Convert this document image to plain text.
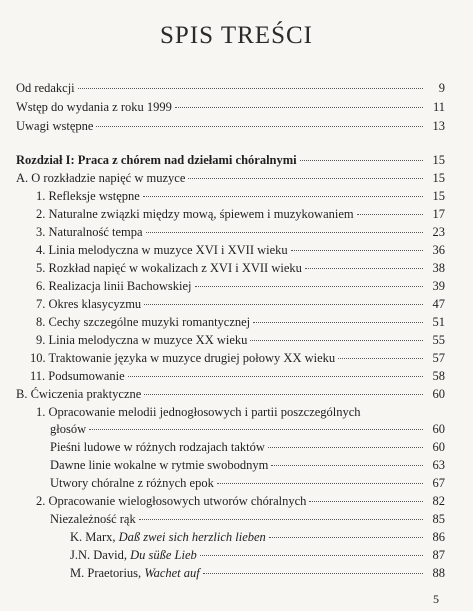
SPIS TREŚCI
Od redakcji	9
Wstęp do wydania z roku 1999	11
Uwagi wstępne	13
Rozdział I: Praca z chórem nad dziełami chóralnymi	15
A. O rozkładzie napięć w muzyce	15
1. Refleksje wstępne	15
2. Naturalne związki między mową, śpiewem i muzykowaniem	17
3. Naturalność tempa	23
4. Linia melodyczna w muzyce XVI i XVII wieku	36
5. Rozkład napięć w wokalizach z XVI i XVII wieku	38
6. Realizacja linii Bachowskiej	39
7. Okres klasycyzmu	47
8. Cechy szczególne muzyki romantycznej	51
9. Linia melodyczna w muzyce XX wieku	55
10. Traktowanie języka w muzyce drugiej połowy XX wieku	57
11. Podsumowanie	58
B. Ćwiczenia praktyczne	60
1. Opracowanie melodii jednogłosowych i partii poszczególnych
głosów	60
Pieśni ludowe w różnych rodzajach taktów	60
Dawne linie wokalne w rytmie swobodnym	63
Utwory chóralne z różnych epok	67
2. Opracowanie wielogłosowych utworów chóralnych	82
Niezależność rąk	85
K. Marx, Daß zwei sich herzlich lieben	86
J.N. David, Du süße Lieb	87
M. Praetorius, Wachet auf	88
5
